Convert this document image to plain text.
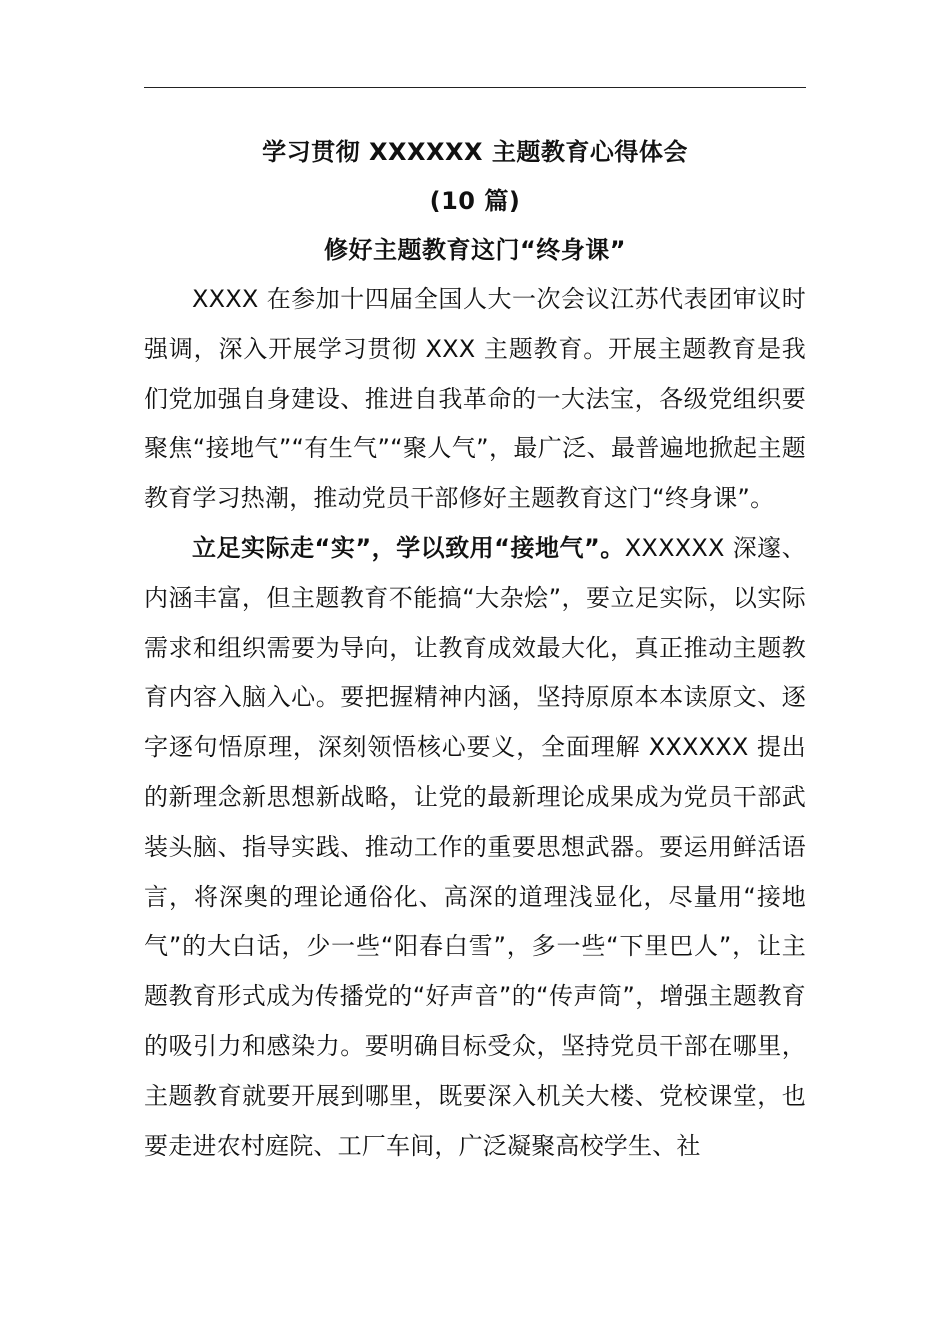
学习贯彻 XXXXXX 主题教育心得体会
(10 篇)
修好主题教育这门“终身课”

XXXX 在参加十四届全国人大一次会议江苏代表团审议时强调，深入开展学习贯彻 XXX 主题教育。开展主题教育是我们党加强自身建设、推进自我革命的一大法宝，各级党组织要聚焦“接地气”“有生气”“聚人气”，最广泛、最普遍地掀起主题教育学习热潮，推动党员干部修好主题教育这门“终身课”。

立足实际走“实”，学以致用“接地气”。XXXXXX 深邃、内涵丰富，但主题教育不能搞“大杂烩”，要立足实际，以实际需求和组织需要为导向，让教育成效最大化，真正推动主题教育内容入脑入心。要把握精神内涵，坚持原原本本读原文、逐字逐句悟原理，深刻领悟核心要义，全面理解 XXXXXX 提出的新理念新思想新战略，让党的最新理论成果成为党员干部武装头脑、指导实践、推动工作的重要思想武器。要运用鲜活语言，将深奥的理论通俗化、高深的道理浅显化，尽量用“接地气”的大白话，少一些“阳春白雪”，多一些“下里巴人”，让主题教育形式成为传播党的“好声音”的“传声筒”，增强主题教育的吸引力和感染力。要明确目标受众，坚持党员干部在哪里，主题教育就要开展到哪里，既要深入机关大楼、党校课堂，也要走进农村庭院、工厂车间，广泛凝聚高校学生、社
